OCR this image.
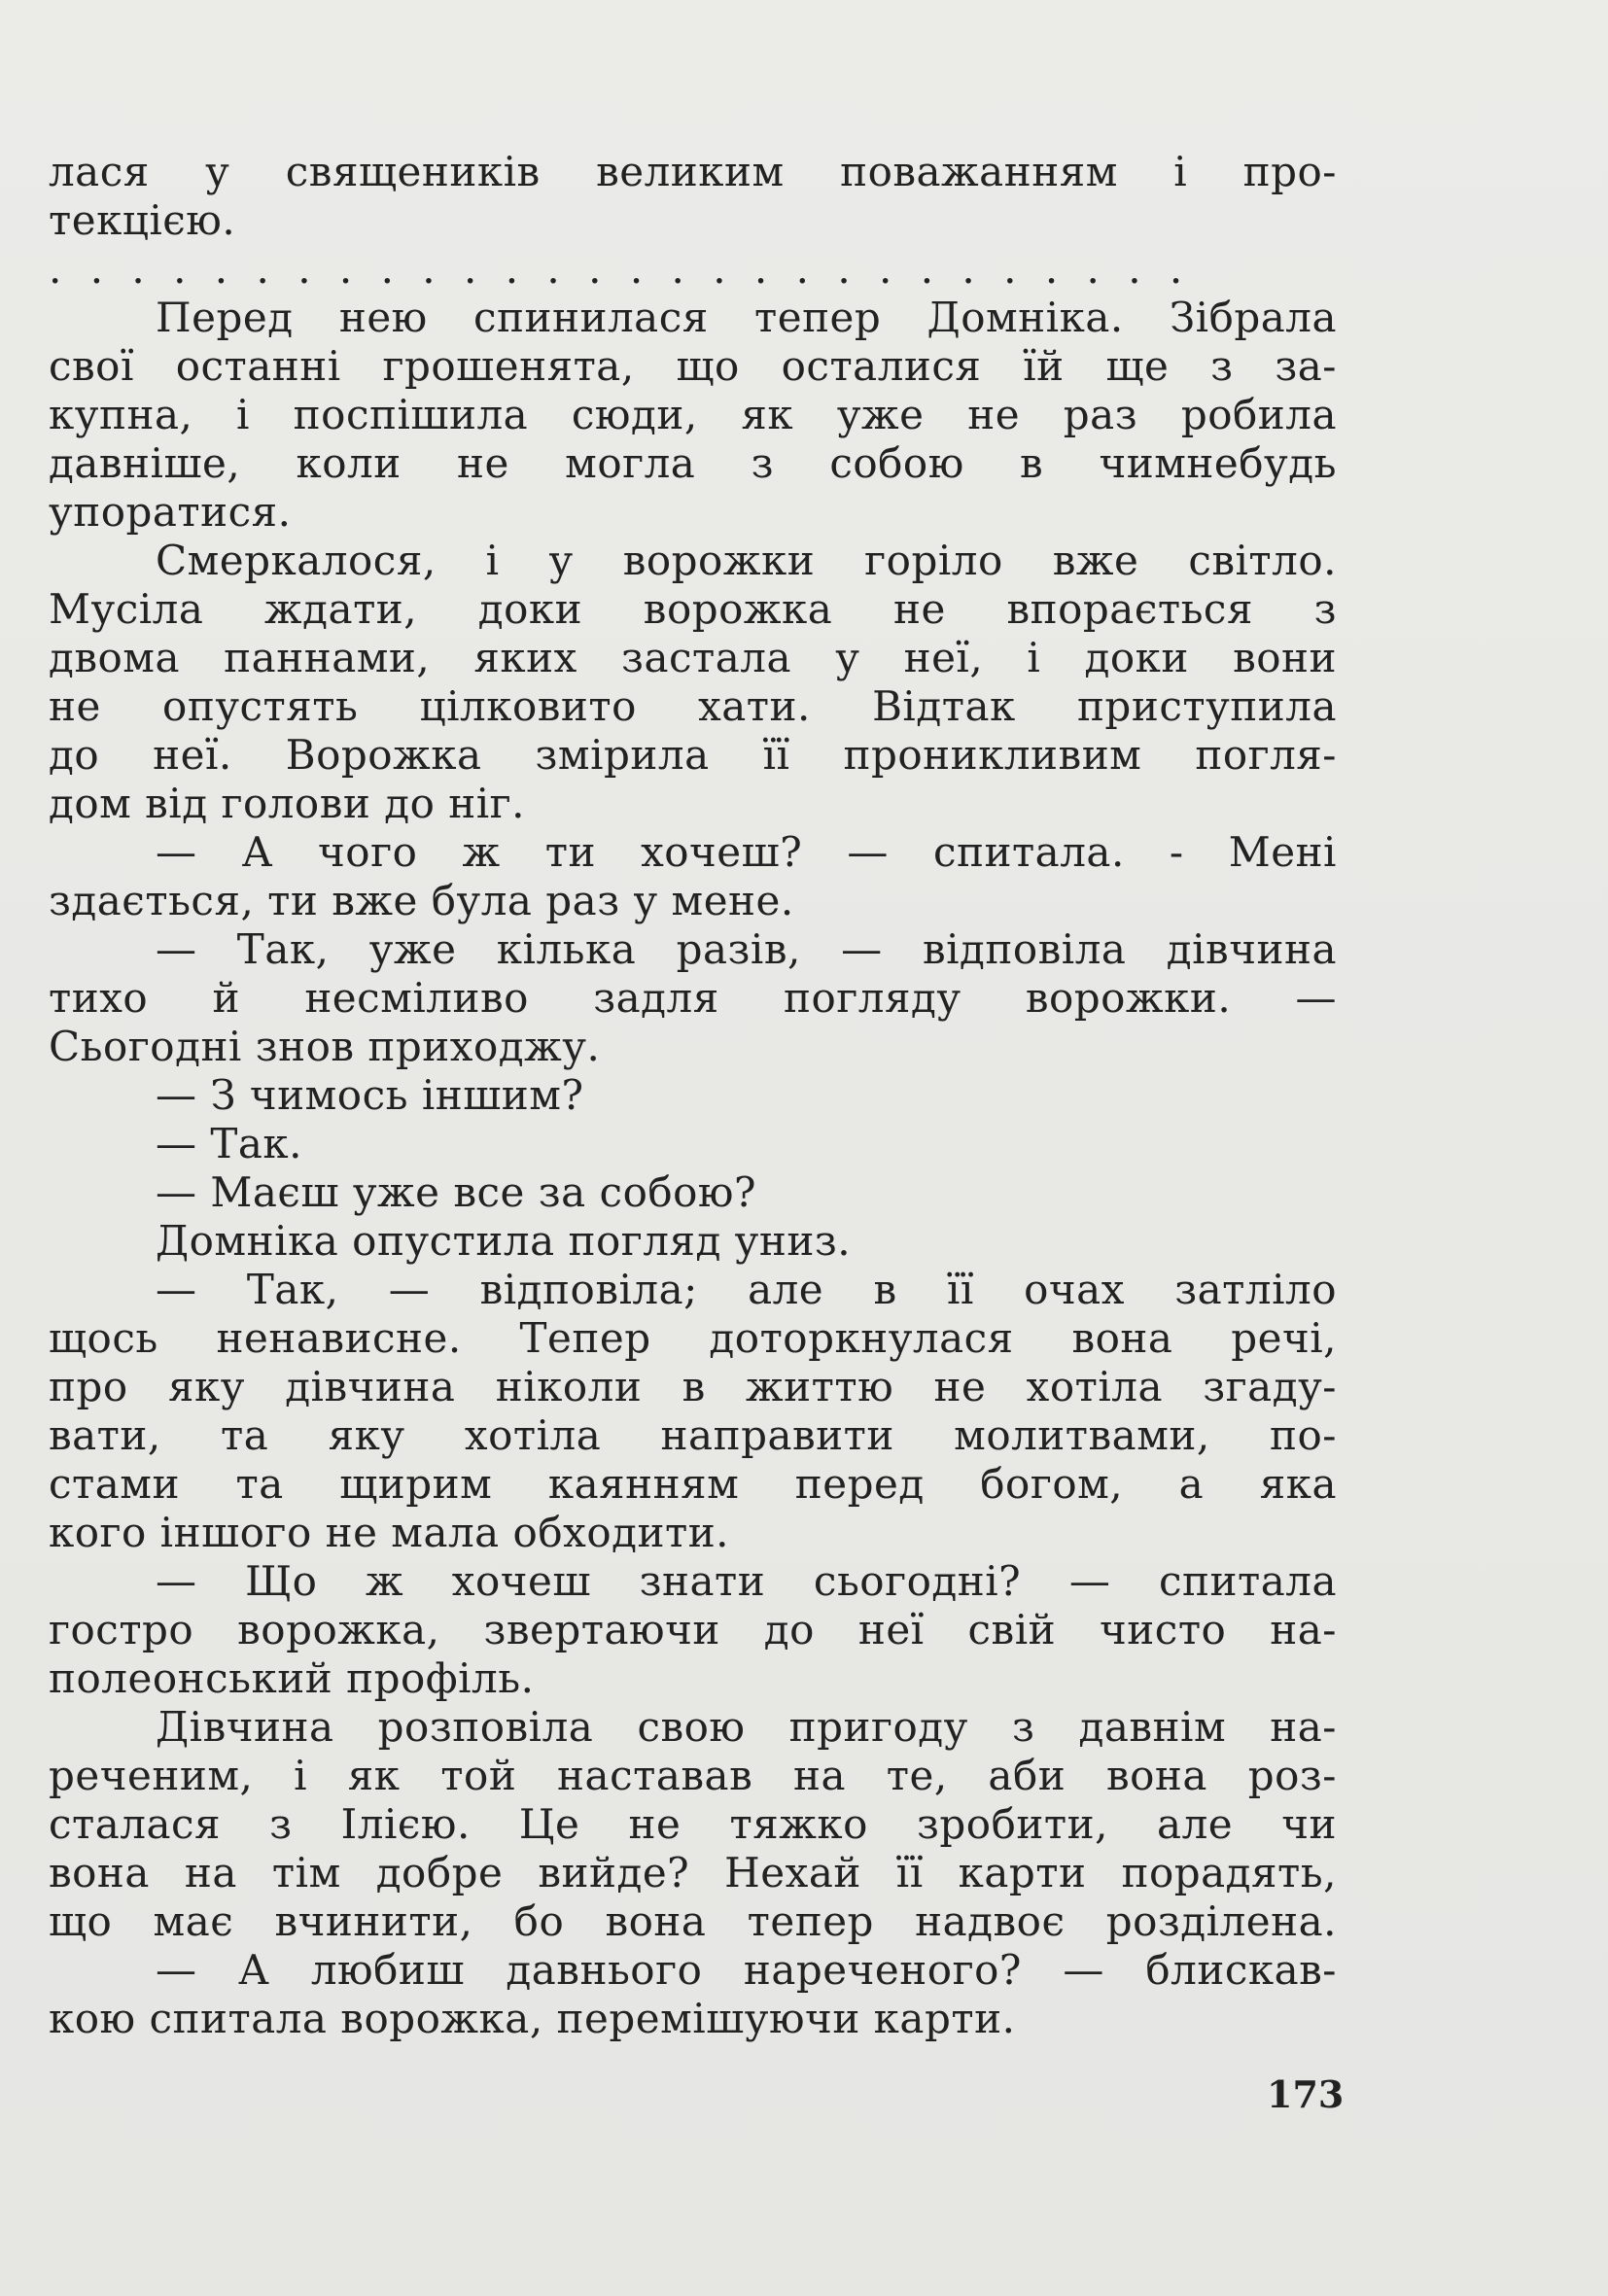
лася у священиків великим поважанням і про-
текцією.
. . . . . . . . . . . . . . . . . . . . . . . . . . . .
Перед нею спинилася тепер Домніка. Зібрала
свої останні грошенята, що осталися їй ще з за-
купна, і поспішила сюди, як уже не раз робила
давніше, коли не могла з собою в чимнебудь
упоратися.
Смеркалося, і у ворожки горіло вже світло.
Мусіла ждати, доки ворожка не впорається з
двома паннами, яких застала у неї, і доки вони
не опустять цілковито хати. Відтак приступила
до неї. Ворожка змірила її проникливим погля-
дом від голови до ніг.
— А чого ж ти хочеш? — спитала. - Мені
здається, ти вже була раз у мене.
— Так, уже кілька разів, — відповіла дівчина
тихо й несміливо задля погляду ворожки. —
Сьогодні знов приходжу.
— З чимось іншим?
— Так.
— Маєш уже все за собою?
Домніка опустила погляд униз.
— Так, — відповіла; але в її очах затліло
щось ненависне. Тепер доторкнулася вона речі,
про яку дівчина ніколи в життю не хотіла згаду-
вати, та яку хотіла направити молитвами, по-
стами та щирим каянням перед богом, а яка
кого іншого не мала обходити.
— Що ж хочеш знати сьогодні? — спитала
гостро ворожка, звертаючи до неї свій чисто на-
полеонський профіль.
Дівчина розповіла свою пригоду з давнім на-
реченим, і як той наставав на те, аби вона роз-
сталася з Ілією. Це не тяжко зробити, але чи
вона на тім добре вийде? Нехай її карти порадять,
що має вчинити, бо вона тепер надвоє розділена.
— А любиш давнього нареченого? — блискав-
кою спитала ворожка, перемішуючи карти.
173
